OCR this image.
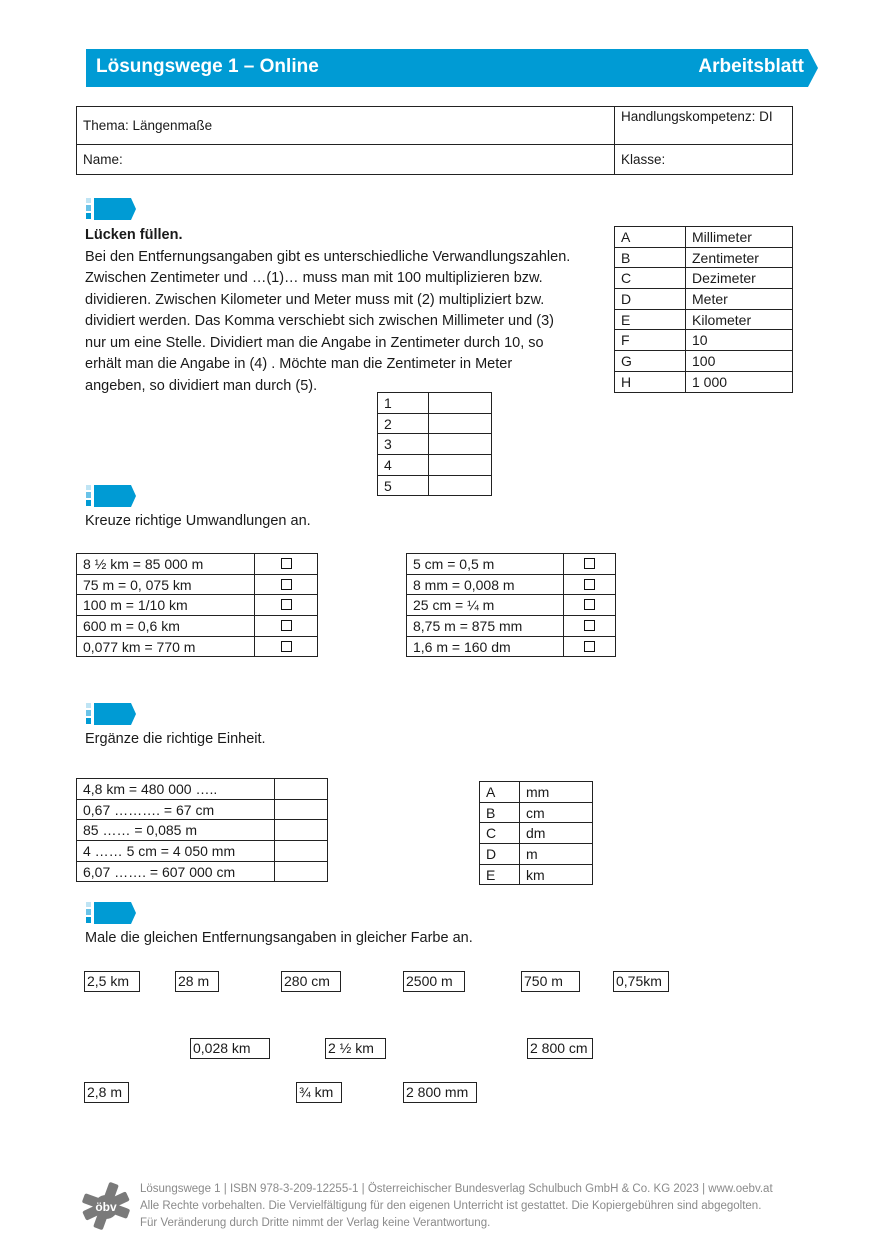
Lösungswege 1 – Online	Arbeitsblatt
Thema: Längenmaße	Handlungskompetenz: DI
Name:	Klasse:
Lücken füllen.
Bei den Entfernungsangaben gibt es unterschiedliche Verwandlungszahlen.
Zwischen Zentimeter und …(1)… muss man mit 100 multiplizieren bzw.
dividieren. Zwischen Kilometer und Meter muss mit (2) multipliziert bzw.
dividiert werden. Das Komma verschiebt sich zwischen Millimeter und (3)
nur um eine Stelle. Dividiert man die Angabe in Zentimeter durch 10, so
erhält man die Angabe in (4) . Möchte man die Zentimeter in Meter
angeben, so dividiert man durch (5).
A	Millimeter
B	Zentimeter
C	Dezimeter
D	Meter
E	Kilometer
F	10
G	100
H	1 000
1	
2	
3	
4	
5	
Kreuze richtige Umwandlungen an.
8 ½ km = 85 000 m	
75 m = 0, 075 km	
100 m = 1/10 km	
600 m = 0,6 km	
0,077 km = 770 m	
5 cm = 0,5 m	
8 mm = 0,008 m	
25 cm = ¼ m	
8,75 m = 875 mm	
1,6 m = 160 dm	
Ergänze die richtige Einheit.
4,8 km = 480 000 …..	
0,67 ………. = 67 cm	
85 …… = 0,085 m	
4 …… 5 cm = 4 050 mm	
6,07 ……. = 607 000 cm	
A	mm
B	cm
C	dm
D	m
E	km
Male die gleichen Entfernungsangaben in gleicher Farbe an.
2,5 km	28 m	280 cm	2500 m	750 m	0,75km
0,028 km	2 ½ km	2 800 cm
2,8 m	¾ km	2 800 mm
öbv
Lösungswege 1 | ISBN 978-3-209-12255-1 | Österreichischer Bundesverlag Schulbuch GmbH & Co. KG 2023 | www.oebv.at
Alle Rechte vorbehalten. Die Vervielfältigung für den eigenen Unterricht ist gestattet. Die Kopiergebühren sind abgegolten.
Für Veränderung durch Dritte nimmt der Verlag keine Verantwortung.
